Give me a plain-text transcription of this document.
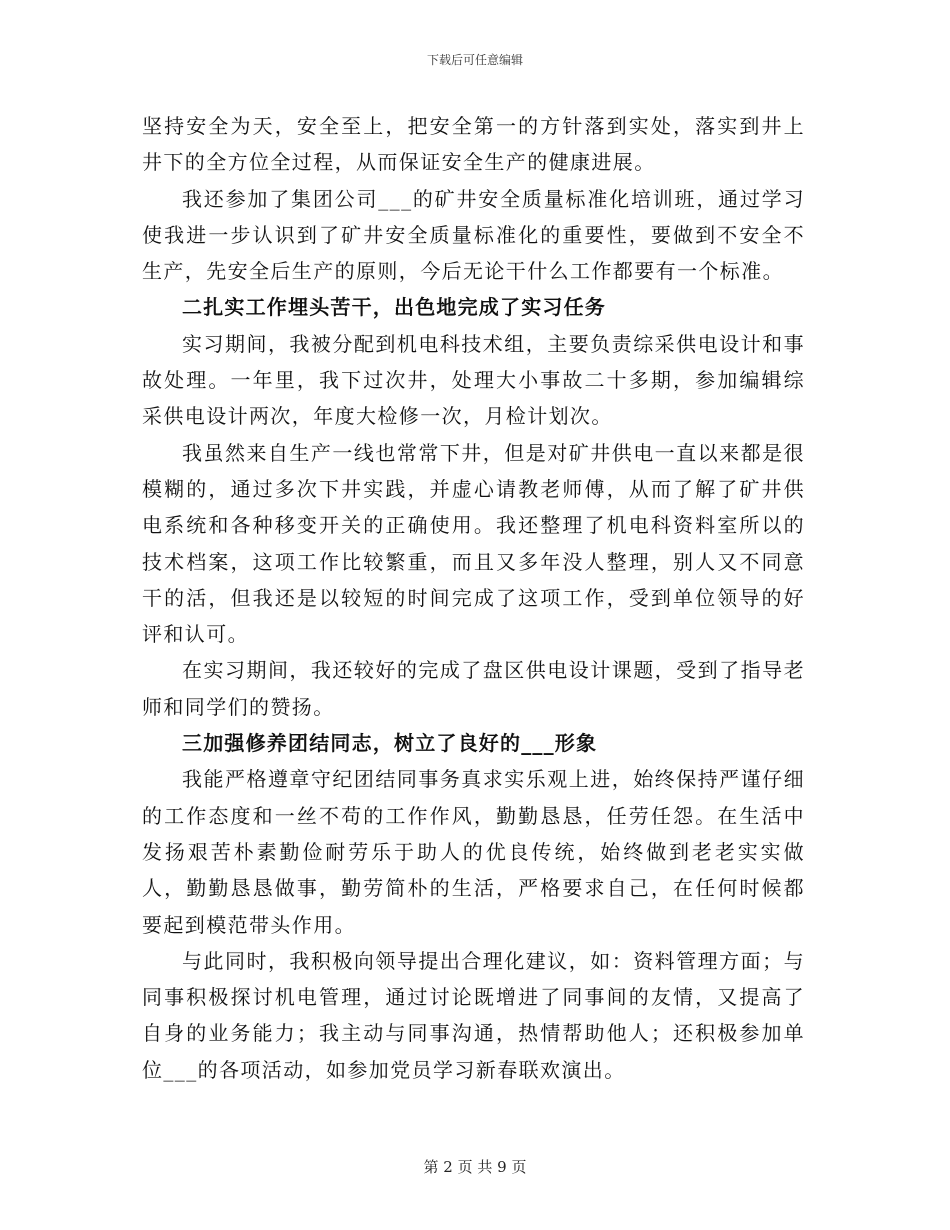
下载后可任意编辑

坚持安全为天，安全至上，把安全第一的方针落到实处，落实到井上井下的全方位全过程，从而保证安全生产的健康进展。

我还参加了集团公司___的矿井安全质量标准化培训班，通过学习使我进一步认识到了矿井安全质量标准化的重要性，要做到不安全不生产，先安全后生产的原则，今后无论干什么工作都要有一个标准。

二扎实工作埋头苦干，出色地完成了实习任务

实习期间，我被分配到机电科技术组，主要负责综采供电设计和事故处理。一年里，我下过次井，处理大小事故二十多期，参加编辑综采供电设计两次，年度大检修一次，月检计划次。

我虽然来自生产一线也常常下井，但是对矿井供电一直以来都是很模糊的，通过多次下井实践，并虚心请教老师傅，从而了解了矿井供电系统和各种移变开关的正确使用。我还整理了机电科资料室所以的技术档案，这项工作比较繁重，而且又多年没人整理，别人又不同意干的活，但我还是以较短的时间完成了这项工作，受到单位领导的好评和认可。

在实习期间，我还较好的完成了盘区供电设计课题，受到了指导老师和同学们的赞扬。

三加强修养团结同志，树立了良好的___形象

我能严格遵章守纪团结同事务真求实乐观上进，始终保持严谨仔细的工作态度和一丝不苟的工作作风，勤勤恳恳，任劳任怨。在生活中发扬艰苦朴素勤俭耐劳乐于助人的优良传统，始终做到老老实实做人，勤勤恳恳做事，勤劳简朴的生活，严格要求自己，在任何时候都要起到模范带头作用。

与此同时，我积极向领导提出合理化建议，如：资料管理方面；与同事积极探讨机电管理，通过讨论既增进了同事间的友情，又提高了自身的业务能力；我主动与同事沟通，热情帮助他人；还积极参加单位___的各项活动，如参加党员学习新春联欢演出。

第 2 页 共 9 页
